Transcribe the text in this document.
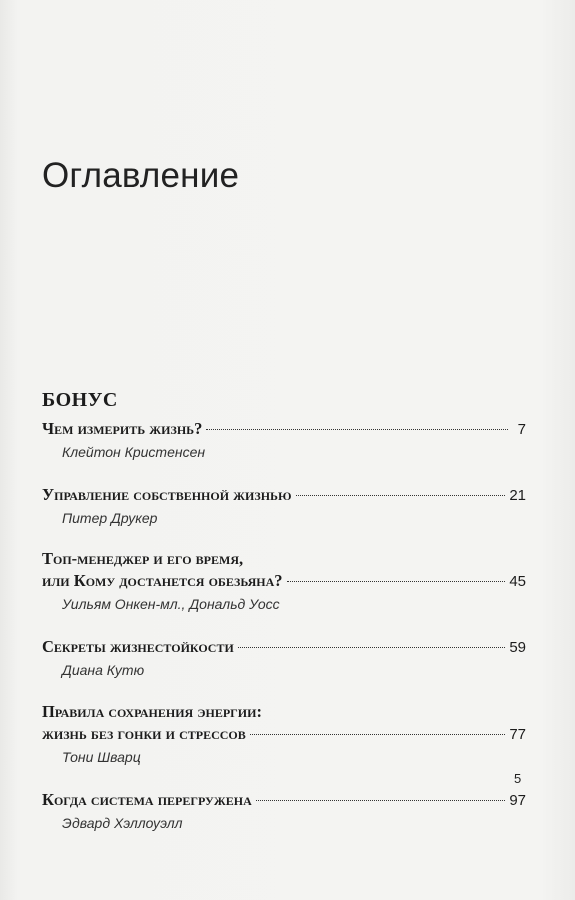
Оглавление
БОНУС
Чем измерить жизнь?	7
Клейтон Кристенсен
Управление собственной жизнью	21
Питер Друкер
Топ-менеджер и его время,
или Кому достанется обезьяна?	45
Уильям Онкен-мл., Дональд Уосс
Секреты жизнестойкости	59
Диана Кутю
Правила сохранения энергии:
жизнь без гонки и стрессов	77
Тони Шварц
Когда система перегружена	97
Эдвард Хэллоуэлл
5
